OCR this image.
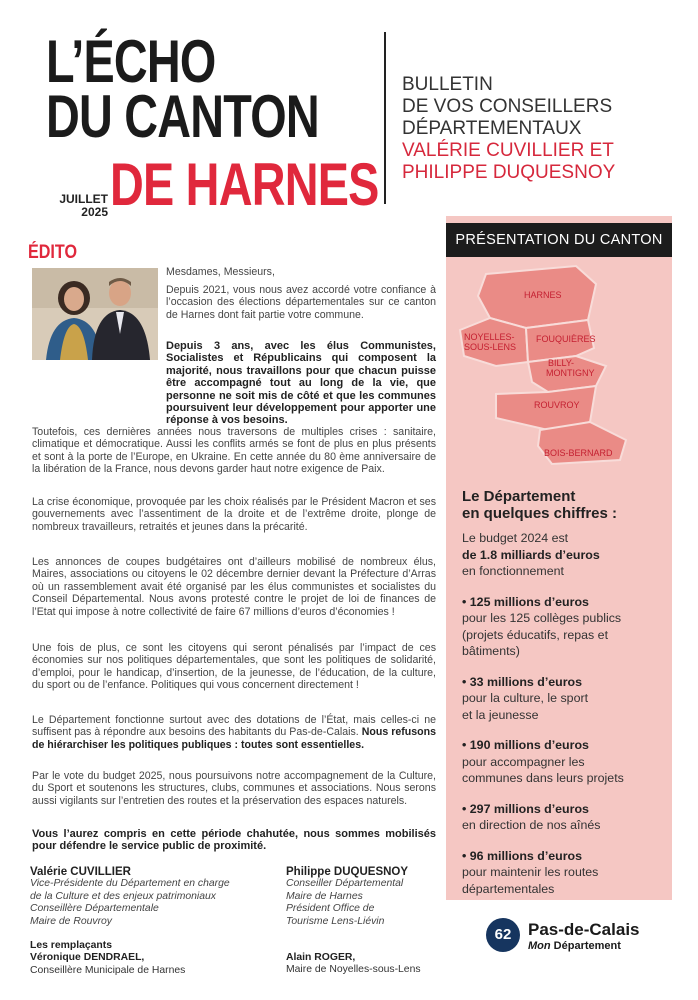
L’ÉCHO
DU CANTON
JUILLET
2025 DE HARNES
BULLETIN
DE VOS CONSEILLERS
DÉPARTEMENTAUX
VALÉRIE CUVILLIER ET
PHILIPPE DUQUESNOY
ÉDITO

Mesdames, Messieurs,

Depuis 2021, vous nous avez accordé votre confiance à l’occasion des élections départementales sur ce canton de Harnes dont fait partie votre commune.

Depuis 3 ans, avec les élus Communistes, Socialistes et Républicains qui composent la majorité, nous travaillons pour que chacun puisse être accompagné tout au long de la vie, que personne ne soit mis de côté et que les communes poursuivent leur développement pour apporter une réponse à vos besoins.

Toutefois, ces dernières années nous traversons de multiples crises : sanitaire, climatique et démocratique. Aussi les conflits armés se font de plus en plus présents et sont à la porte de l’Europe, en Ukraine. En cette année du 80 ème anniversaire de la libération de la France, nous devons garder haut notre exigence de Paix.

La crise économique, provoquée par les choix réalisés par le Président Macron et ses gouvernements avec l’assentiment de la droite et de l’extrême droite, plonge de nombreux travailleurs, retraités et jeunes dans la précarité.

Les annonces de coupes budgétaires ont d’ailleurs mobilisé de nombreux élus, Maires, associations ou citoyens le 02 décembre dernier devant la Préfecture d’Arras où un rassemblement avait été organisé par les élus communistes et socialistes du Conseil Départemental. Nous avons protesté contre le projet de loi de finances de l’Etat qui impose à notre collectivité de faire 67 millions d’euros d’économies !

Une fois de plus, ce sont les citoyens qui seront pénalisés par l’impact de ces économies sur nos politiques départementales, que sont les politiques de solidarité, d’emploi, pour le handicap, d’insertion, de la jeunesse, de l’éducation, de la culture, du sport ou de l’enfance. Politiques qui vous concernent directement !

Le Département fonctionne surtout avec des dotations de l’État, mais celles-ci ne suffisent pas à répondre aux besoins des habitants du Pas-de-Calais. Nous refusons de hiérarchiser les politiques publiques : toutes sont essentielles.

Par le vote du budget 2025, nous poursuivons notre accompagnement de la Culture, du Sport et soutenons les structures, clubs, communes et associations. Nous serons aussi vigilants sur l’entretien des routes et la préservation des espaces naturels.

Vous l’aurez compris en cette période chahutée, nous sommes mobilisés pour défendre le service public de proximité.

Valérie CUVILLIER
Vice-Présidente du Département en charge
de la Culture et des enjeux patrimoniaux
Conseillère Départementale
Maire de Rouvroy
Philippe DUQUESNOY
Conseiller Départemental
Maire de Harnes
Président Office de
Tourisme Lens-Liévin
Les remplaçants
Véronique DENDRAEL,
Conseillère Municipale de Harnes
Alain ROGER,
Maire de Noyelles-sous-Lens
PRÉSENTATION DU CANTON
HARNES
NOYELLES-
SOUS-LENS
FOUQUIÈRES
BILLY-
MONTIGNY
ROUVROY
BOIS-BERNARD
Le Département
en quelques chiffres :
Le budget 2024 est
de 1.8 milliards d’euros
en fonctionnement
• 125 millions d’euros
pour les 125 collèges publics
(projets éducatifs, repas et
bâtiments)
• 33 millions d’euros
pour la culture, le sport
et la jeunesse
• 190 millions d’euros
pour accompagner les
communes dans leurs projets
• 297 millions d’euros
en direction de nos aînés
• 96 millions d’euros
pour maintenir les routes
départementales
62 Pas-de-Calais
Mon Département
